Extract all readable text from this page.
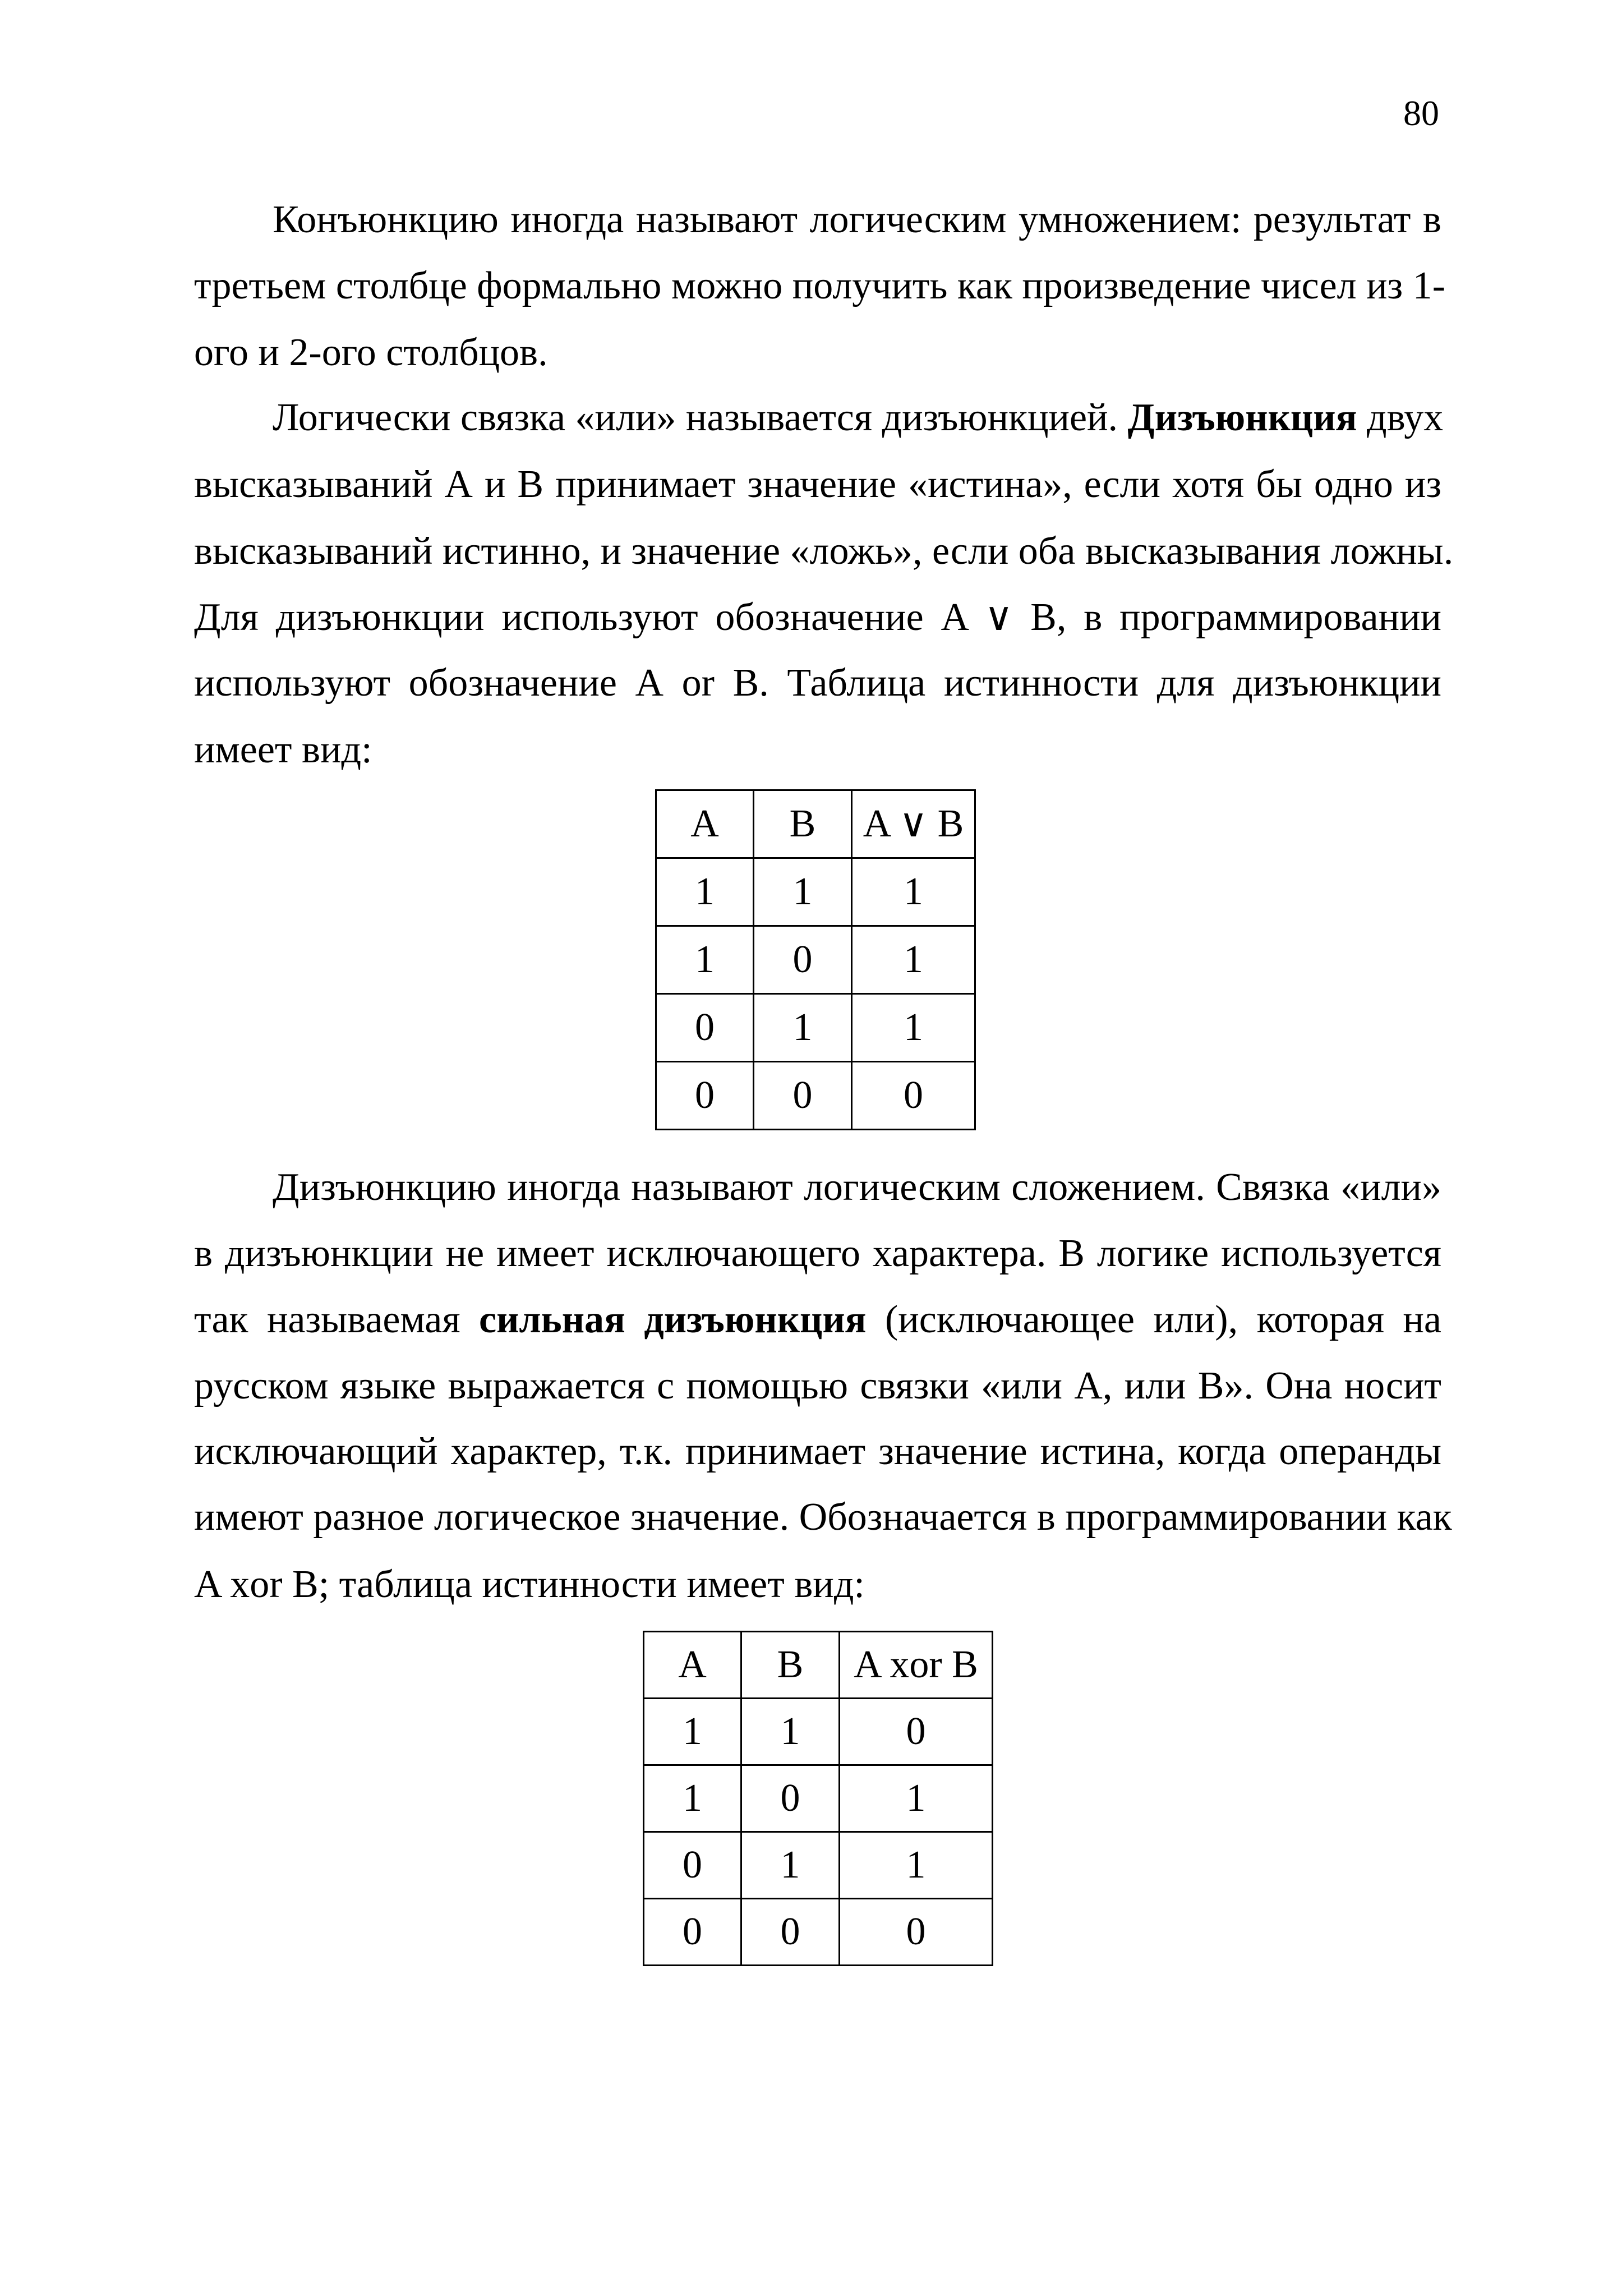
80
Конъюнкцию иногда называют логическим умножением: результат в
третьем столбце формально можно получить как произведение чисел из 1-
ого и 2-ого столбцов.
Логически связка «или» называется дизъюнкцией. Дизъюнкция двух
высказываний А и В принимает значение «истина», если хотя бы одно из
высказываний истинно, и значение «ложь», если оба высказывания ложны.
Для дизъюнкции используют обозначение A ∨ B, в программировании
используют обозначение А or B. Таблица истинности для дизъюнкции
имеет вид:
A	B	A ∨ B
1	1	1
1	0	1
0	1	1
0	0	0
Дизъюнкцию иногда называют логическим сложением. Связка «или»
в дизъюнкции не имеет исключающего характера. В логике используется
так называемая сильная дизъюнкция (исключающее или), которая на
русском языке выражается с помощью связки «или А, или В». Она носит
исключающий характер, т.к. принимает значение истина, когда операнды
имеют разное логическое значение. Обозначается в программировании как
A xor B; таблица истинности имеет вид:
A	B	A xor B
1	1	0
1	0	1
0	1	1
0	0	0
